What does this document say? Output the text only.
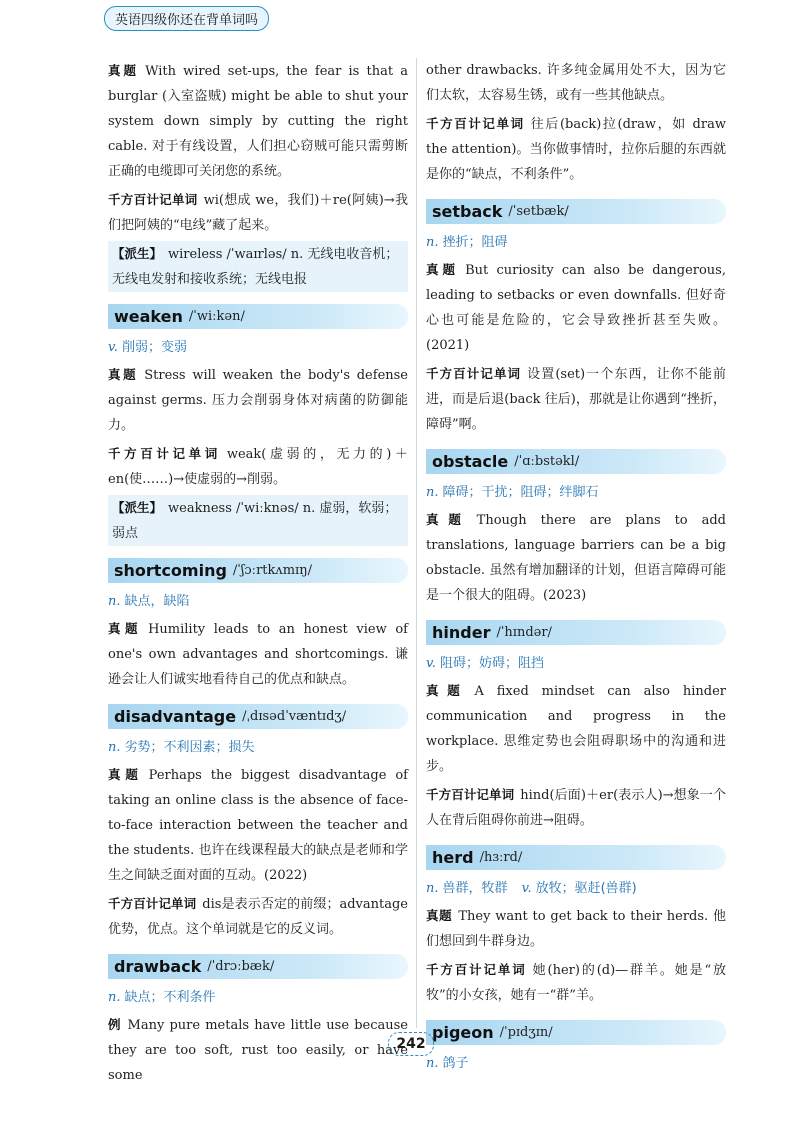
英语四级你还在背单词吗

真题 With wired set-ups, the fear is that a burglar (入室盗贼) might be able to shut your system down simply by cutting the right cable. 对于有线设置，人们担心窃贼可能只需剪断正确的电缆即可关闭您的系统。

千方百计记单词 wi(想成 we，我们)＋re(阿姨)→我们把阿姨的“电线”藏了起来。

【派生】 wireless /ˈwaɪrləs/ n. 无线电收音机；无线电发射和接收系统；无线电报

weaken /ˈwiːkən/

v. 削弱；变弱

真题 Stress will weaken the body's defense against germs. 压力会削弱身体对病菌的防御能力。

千方百计记单词 weak(虚弱的，无力的)＋en(使……)→使虚弱的→削弱。

【派生】 weakness /ˈwiːknəs/ n. 虚弱，软弱；弱点

shortcoming /ˈʃɔːrtkʌmɪŋ/

n. 缺点，缺陷

真题 Humility leads to an honest view of one's own advantages and shortcomings. 谦逊会让人们诚实地看待自己的优点和缺点。

disadvantage /ˌdɪsədˈvæntɪdʒ/

n. 劣势；不利因素；损失

真题 Perhaps the biggest disadvantage of taking an online class is the absence of face-to-face interaction between the teacher and the students. 也许在线课程最大的缺点是老师和学生之间缺乏面对面的互动。(2022)

千方百计记单词 dis是表示否定的前缀；advantage优势，优点。这个单词就是它的反义词。

drawback /ˈdrɔːbæk/

n. 缺点；不利条件

例 Many pure metals have little use because they are too soft, rust too easily, or have some

other drawbacks. 许多纯金属用处不大，因为它们太软，太容易生锈，或有一些其他缺点。

千方百计记单词 往后(back)拉(draw，如 draw the attention)。当你做事情时，拉你后腿的东西就是你的“缺点，不利条件”。

setback /ˈsetbæk/

n. 挫折；阻碍

真题 But curiosity can also be dangerous, leading to setbacks or even downfalls. 但好奇心也可能是危险的，它会导致挫折甚至失败。(2021)

千方百计记单词 设置(set)一个东西，让你不能前进，而是后退(back 往后)，那就是让你遇到“挫折，障碍”啊。

obstacle /ˈɑːbstəkl/

n. 障碍；干扰；阻碍；绊脚石

真题 Though there are plans to add translations, language barriers can be a big obstacle. 虽然有增加翻译的计划，但语言障碍可能是一个很大的阻碍。(2023)

hinder /ˈhɪndər/

v. 阻碍；妨碍；阻挡

真题 A fixed mindset can also hinder communication and progress in the workplace. 思维定势也会阻碍职场中的沟通和进步。

千方百计记单词 hind(后面)＋er(表示人)→想象一个人在背后阻碍你前进→阻碍。

herd /hɜːrd/

n. 兽群，牧群 v. 放牧；驱赶(兽群)

真题 They want to get back to their herds. 他们想回到牛群身边。

千方百计记单词 她(her)的(d)—群羊。她是“放牧”的小女孩，她有一“群”羊。

pigeon /ˈpɪdʒɪn/

n. 鸽子

242
